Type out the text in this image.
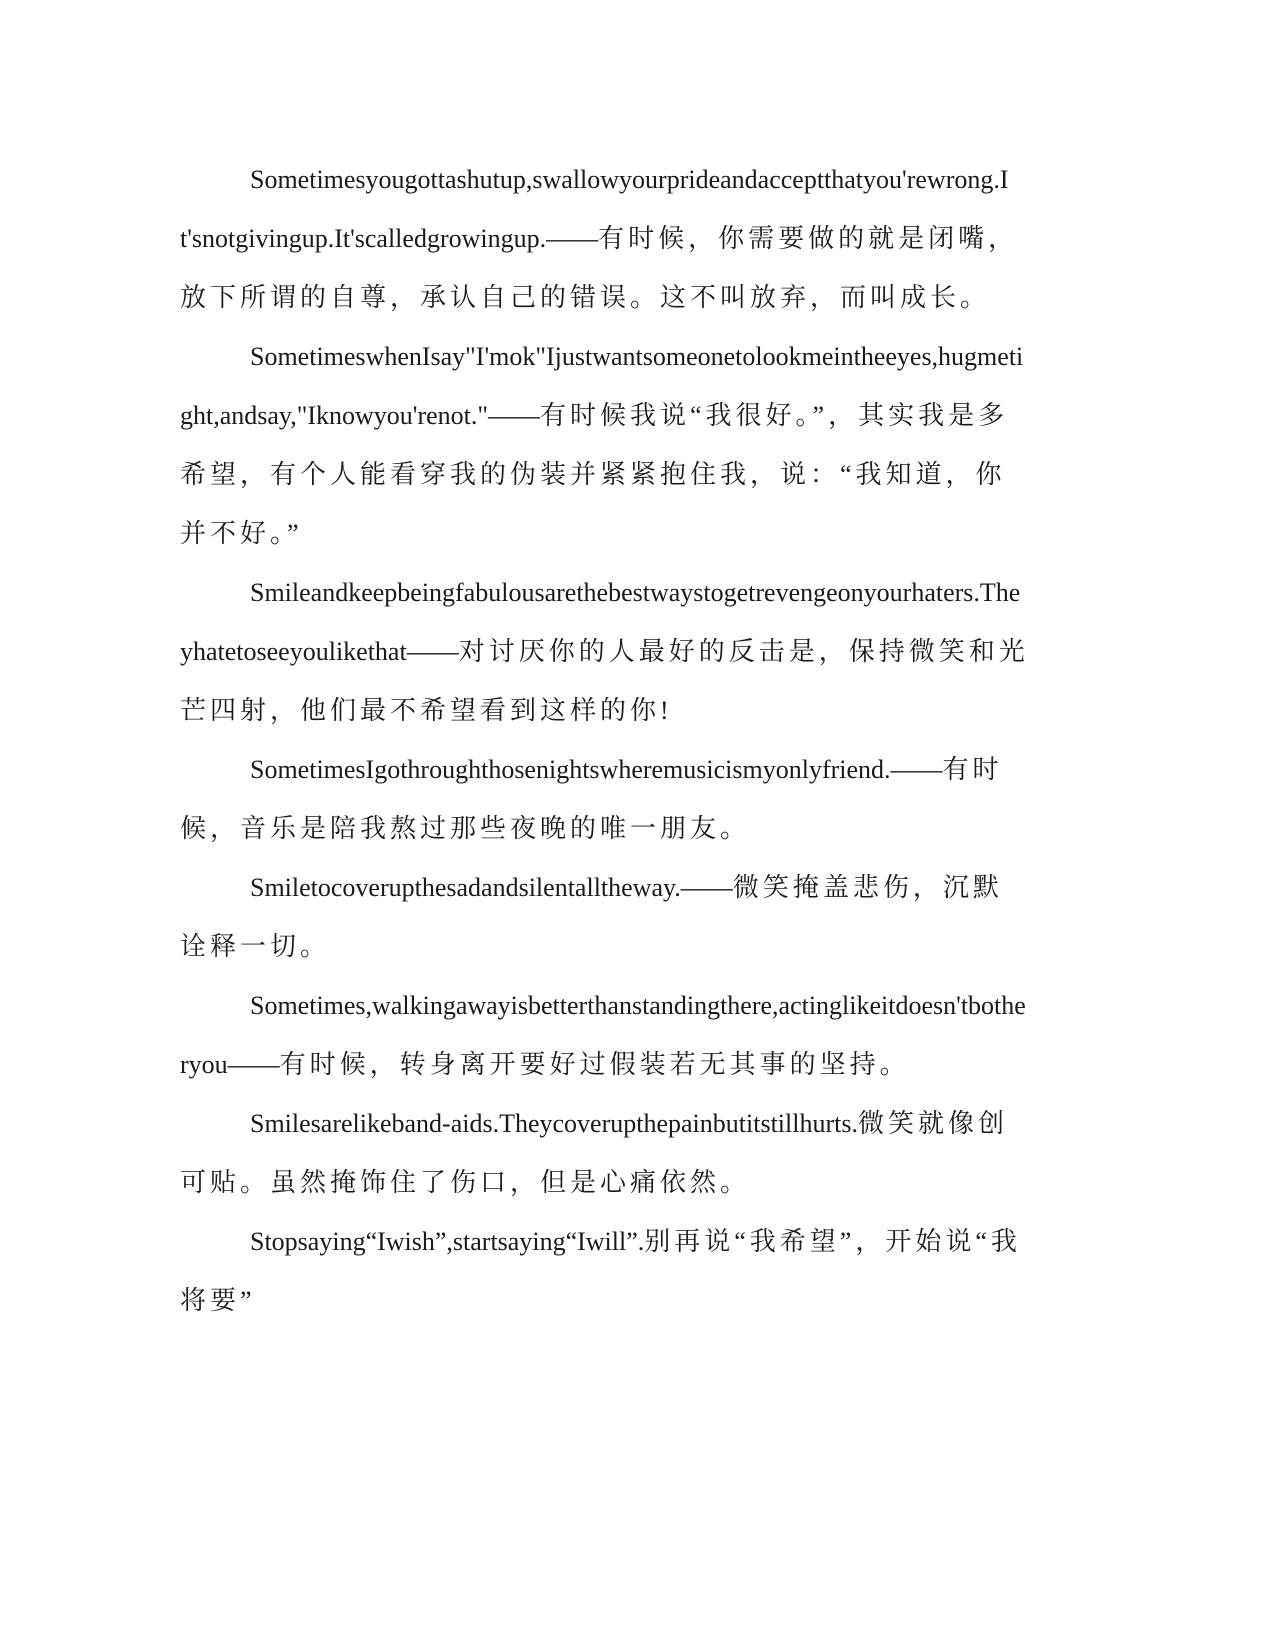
Sometimesyougottashutup,swallowyourprideandacceptthatyou'rewrong.It'snotgivingup.It'scalledgrowingup.——有时候，你需要做的就是闭嘴，放下所谓的自尊，承认自己的错误。这不叫放弃，而叫成长。

SometimeswhenIsay"I'mok"Ijustwantsomeonetolookmeintheeyes,hugmetight,andsay,"Iknowyou'renot."——有时候我说“我很好。”，其实我是多希望，有个人能看穿我的伪装并紧紧抱住我，说：“我知道，你并不好。”

Smileandkeepbeingfabulousarethebestwaystogetrevengeonyourhaters.Theyhatetoseeyoulikethat——对讨厌你的人最好的反击是，保持微笑和光芒四射，他们最不希望看到这样的你!

SometimesIgothroughthosenightswheremusicismyonlyfriend.——有时候，音乐是陪我熬过那些夜晚的唯一朋友。

Smiletocoverupthesadandsilentalltheway.——微笑掩盖悲伤，沉默诠释一切。

Sometimes,walkingawayisbetterthanstandingthere,actinglikeitdoesn'tbotheryou——有时候，转身离开要好过假装若无其事的坚持。

Smilesarelikeband-aids.Theycoverupthepainbutitstillhurts.微笑就像创可贴。虽然掩饰住了伤口，但是心痛依然。

Stopsaying“Iwish”,startsaying“Iwill”.别再说“我希望”，开始说“我将要”
